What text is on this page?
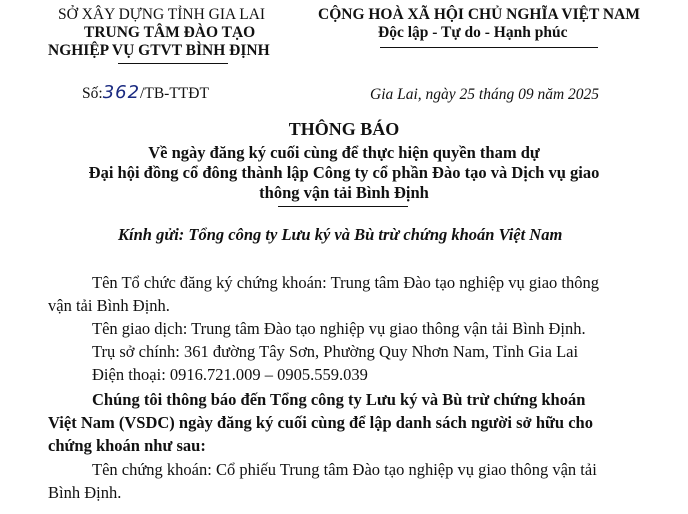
SỞ XÂY DỰNG TỈNH GIA LAI
TRUNG TÂM ĐÀO TẠO
NGHIỆP VỤ GTVT BÌNH ĐỊNH
Số:362/TB-TTĐT
CỘNG HOÀ XÃ HỘI CHỦ NGHĨA VIỆT NAM
Độc lập - Tự do - Hạnh phúc
Gia Lai, ngày 25 tháng 09 năm 2025
THÔNG BÁO
Về ngày đăng ký cuối cùng để thực hiện quyền tham dự
Đại hội đồng cổ đông thành lập Công ty cổ phần Đào tạo và Dịch vụ giao
thông vận tải Bình Định
Kính gửi: Tổng công ty Lưu ký và Bù trừ chứng khoán Việt Nam
Tên Tổ chức đăng ký chứng khoán: Trung tâm Đào tạo nghiệp vụ giao thông
vận tải Bình Định.
Tên giao dịch: Trung tâm Đào tạo nghiệp vụ giao thông vận tải Bình Định.
Trụ sở chính: 361 đường Tây Sơn, Phường Quy Nhơn Nam, Tỉnh Gia Lai
Điện thoại: 0916.721.009 – 0905.559.039
Chúng tôi thông báo đến Tổng công ty Lưu ký và Bù trừ chứng khoán
Việt Nam (VSDC) ngày đăng ký cuối cùng để lập danh sách người sở hữu cho
chứng khoán như sau:
Tên chứng khoán: Cổ phiếu Trung tâm Đào tạo nghiệp vụ giao thông vận tải
Bình Định.
